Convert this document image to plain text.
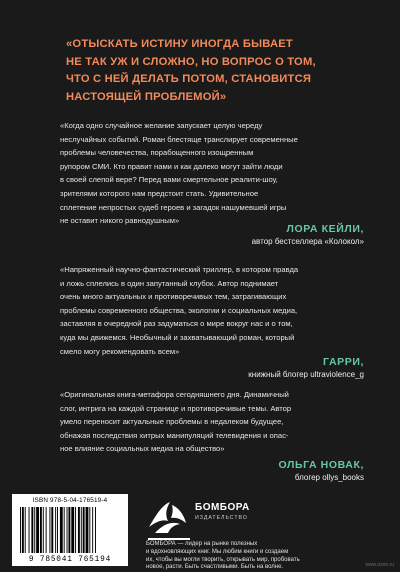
«ОТЫСКАТЬ ИСТИНУ ИНОГДА БЫВАЕТ
НЕ ТАК УЖ И СЛОЖНО, НО ВОПРОС О ТОМ,
ЧТО С НЕЙ ДЕЛАТЬ ПОТОМ, СТАНОВИТСЯ
НАСТОЯЩЕЙ ПРОБЛЕМОЙ»
«Когда одно случайное желание запускает целую череду
неслучайных событий. Роман блестяще транслирует современные
проблемы человечества, порабощенного изощренным
рупором СМИ. Кто правит нами и как далеко могут зайти люди
в своей слепой вере? Перед вами смертельное реалити-шоу,
зрителями которого нам предстоит стать. Удивительное
сплетение непростых судеб героев и загадок нашумевшей игры
не оставит никого равнодушным»
ЛОРА КЕЙЛИ,
автор бестселлера «Колокол»
«Напряженный научно-фантастический триллер, в котором правда
и ложь сплелись в один запутанный клубок. Автор поднимает
очень много актуальных и противоречивых тем, затрагивающих
проблемы современного общества, экологии и социальных медиа,
заставляя в очередной раз задуматься о мире вокруг нас и о том,
куда мы движемся. Необычный и захватывающий роман, который
смело могу рекомендовать всем»
ГАРРИ,
книжный блогер ultraviolence_g
«Оригинальная книга-метафора сегодняшнего дня. Динамичный
слог, интрига на каждой странице и противоречивые темы. Автор
умело переносит актуальные проблемы в недалеком будущее,
обнажая последствия хитрых манипуляций телевидения и опас-
ное влияние социальных медиа на общество»
ОЛЬГА НОВАК,
блогер ollys_books
ISBN 978-5-04-176519-4
9 785041 765194
БОМБОРА
ИЗДАТЕЛЬСТВО
БОМБОРА — лидер на рынке полезных
и вдохновляющих книг. Мы любим книги и создаем
их, чтобы вы могли творить, открывать мир, пробовать
новое, расти. Быть счастливыми. Быть на волне.	www.ozon.ru
